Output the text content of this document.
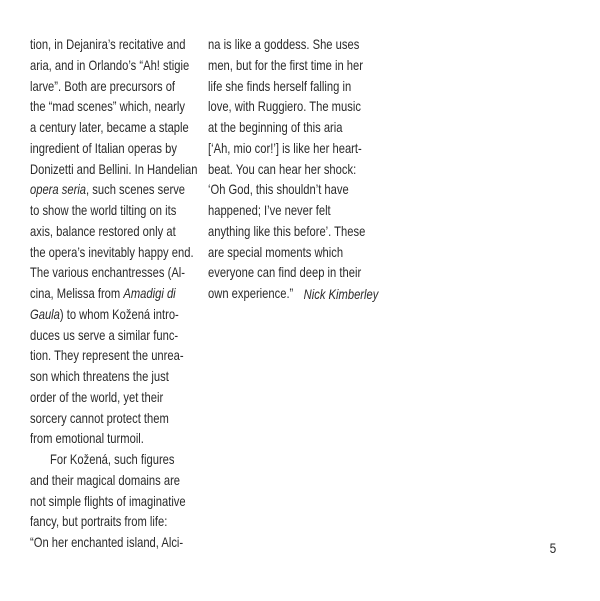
tion, in Dejanira’s recitative and
aria, and in Orlando’s “Ah! stigie
larve”. Both are precursors of
the “mad scenes” which, nearly
a century later, became a staple
ingredient of Italian operas by
Donizetti and Bellini. In Handelian
opera seria, such scenes serve
to show the world tilting on its
axis, balance restored only at
the opera’s inevitably happy end.
The various enchantresses (Al-
cina, Melissa from Amadigi di
Gaula) to whom Kožená intro-
duces us serve a similar func-
tion. They represent the unrea-
son which threatens the just
order of the world, yet their
sorcery cannot protect them
from emotional turmoil.
For Kožená, such figures
and their magical domains are
not simple flights of imaginative
fancy, but portraits from life:
“On her enchanted island, Alci-
na is like a goddess. She uses
men, but for the first time in her
life she finds herself falling in
love, with Ruggiero. The music
at the beginning of this aria
[‘Ah, mio cor!’] is like her heart-
beat. You can hear her shock:
‘Oh God, this shouldn’t have
happened; I’ve never felt
anything like this before’. These
are special moments which
everyone can find deep in their
own experience.” Nick Kimberley
5
